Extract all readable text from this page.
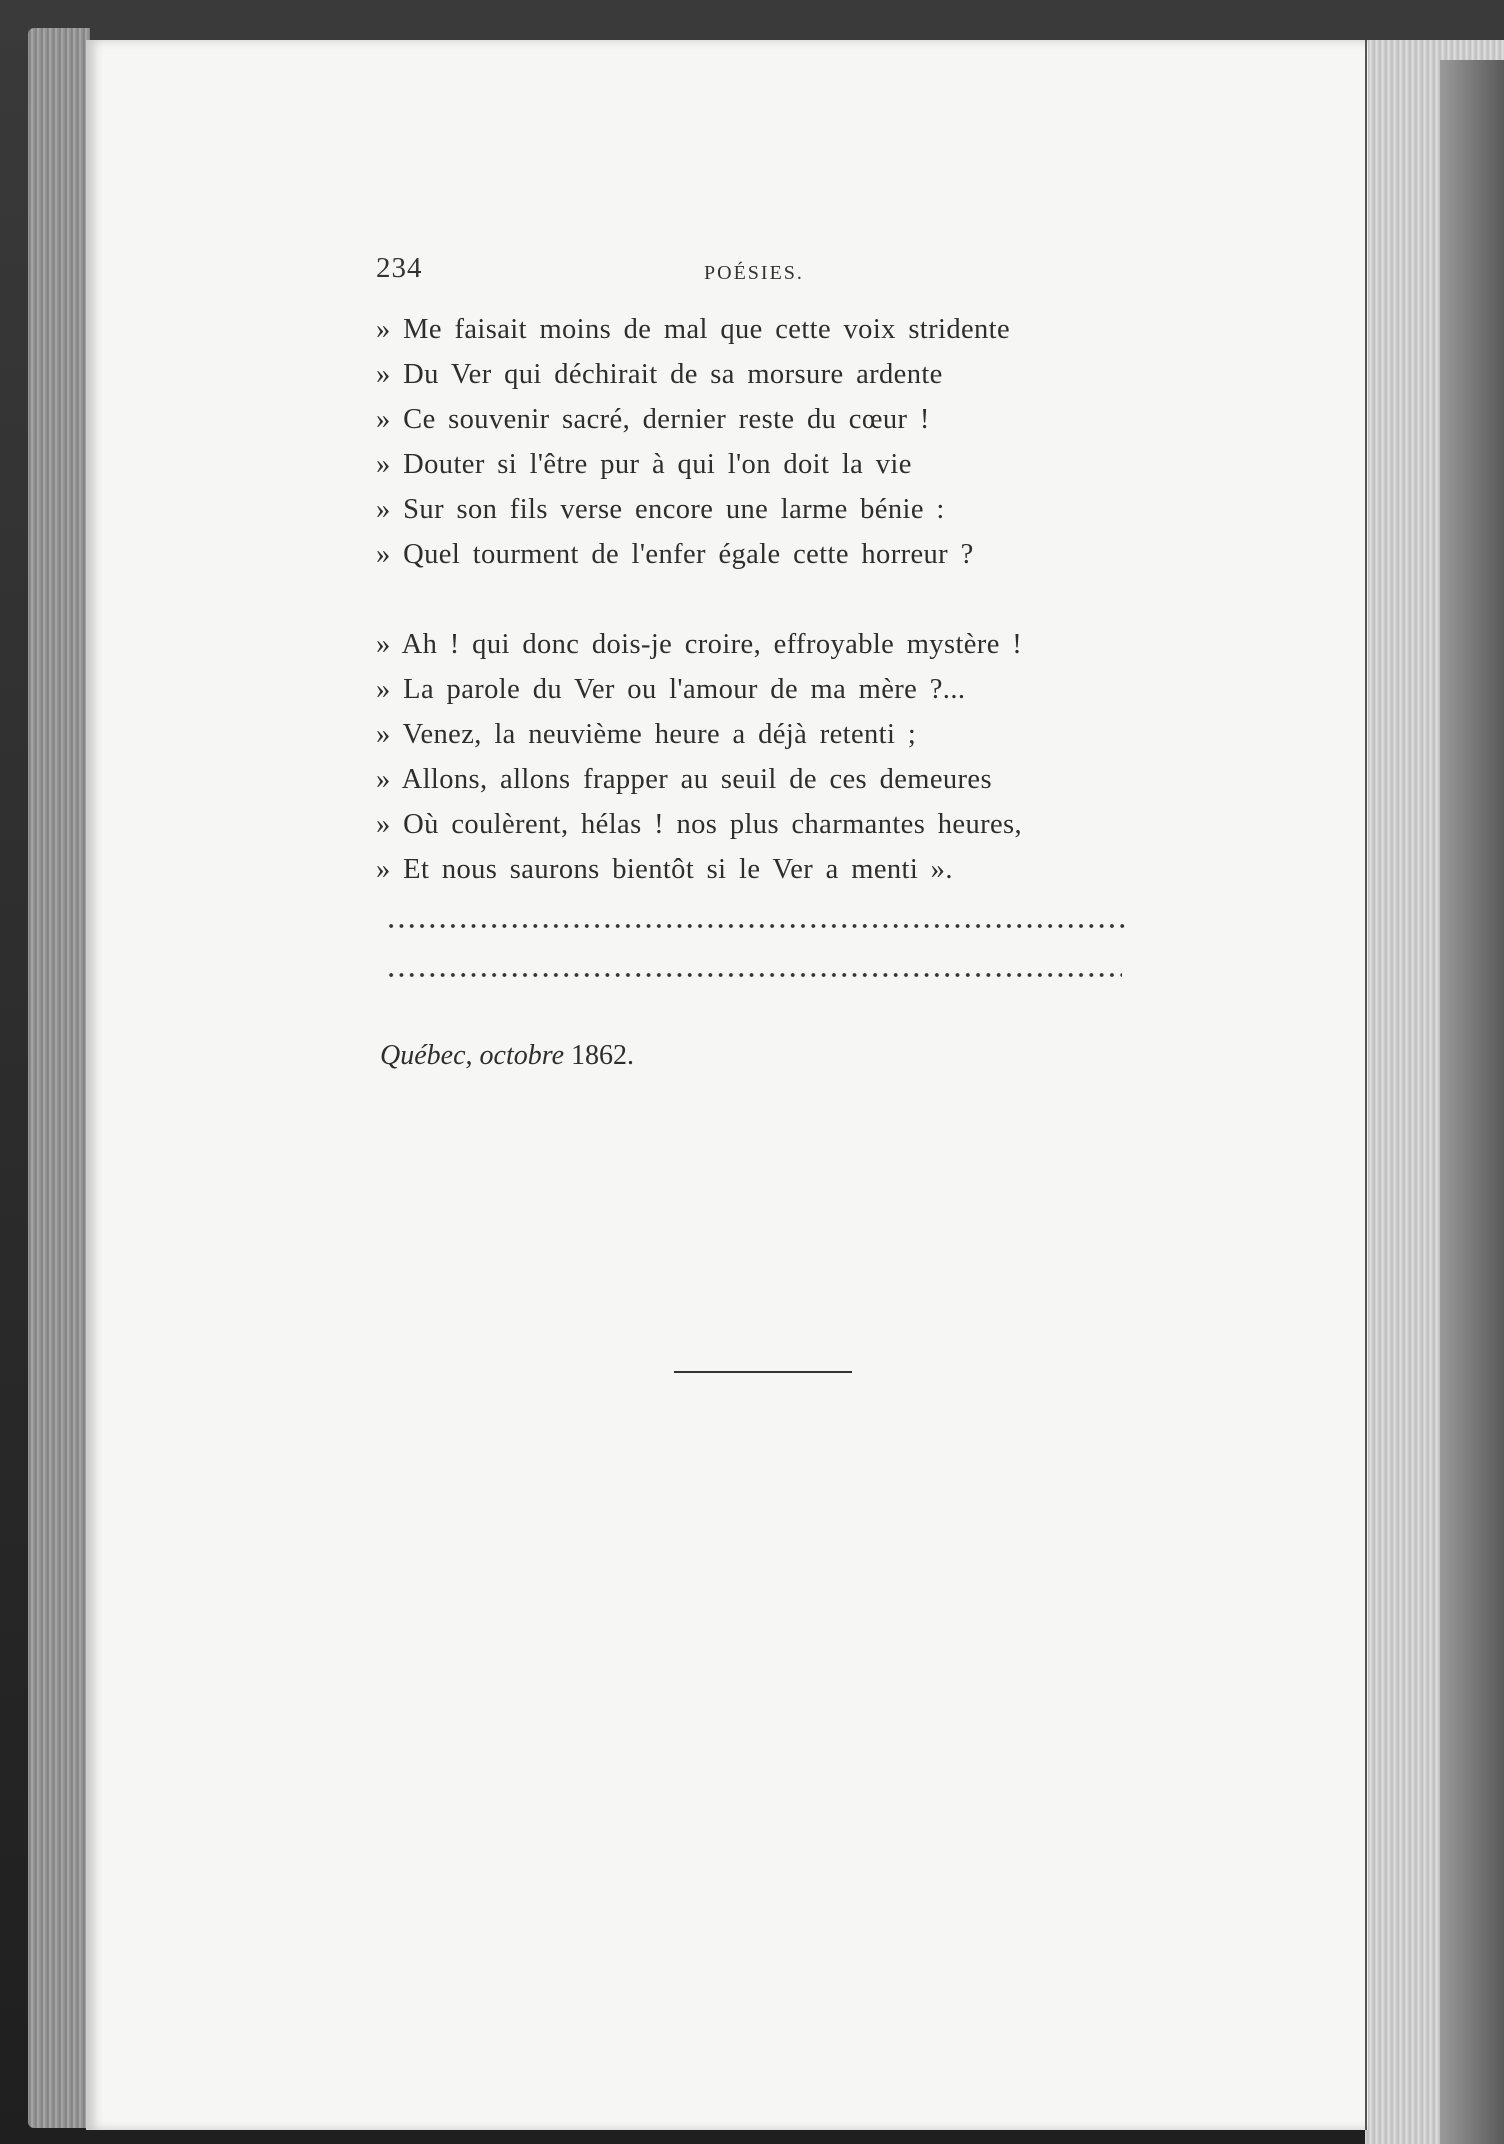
234	POÉSIES.
» Me faisait moins de mal que cette voix stridente
» Du Ver qui déchirait de sa morsure ardente
» Ce souvenir sacré, dernier reste du cœur !
» Douter si l'être pur à qui l'on doit la vie
» Sur son fils verse encore une larme bénie :
» Quel tourment de l'enfer égale cette horreur ?
» Ah ! qui donc dois-je croire, effroyable mystère !
» La parole du Ver ou l'amour de ma mère ?...
» Venez, la neuvième heure a déjà retenti ;
» Allons, allons frapper au seuil de ces demeures
» Où coulèrent, hélas ! nos plus charmantes heures,
» Et nous saurons bientôt si le Ver a menti ».
Québec, octobre 1862.
